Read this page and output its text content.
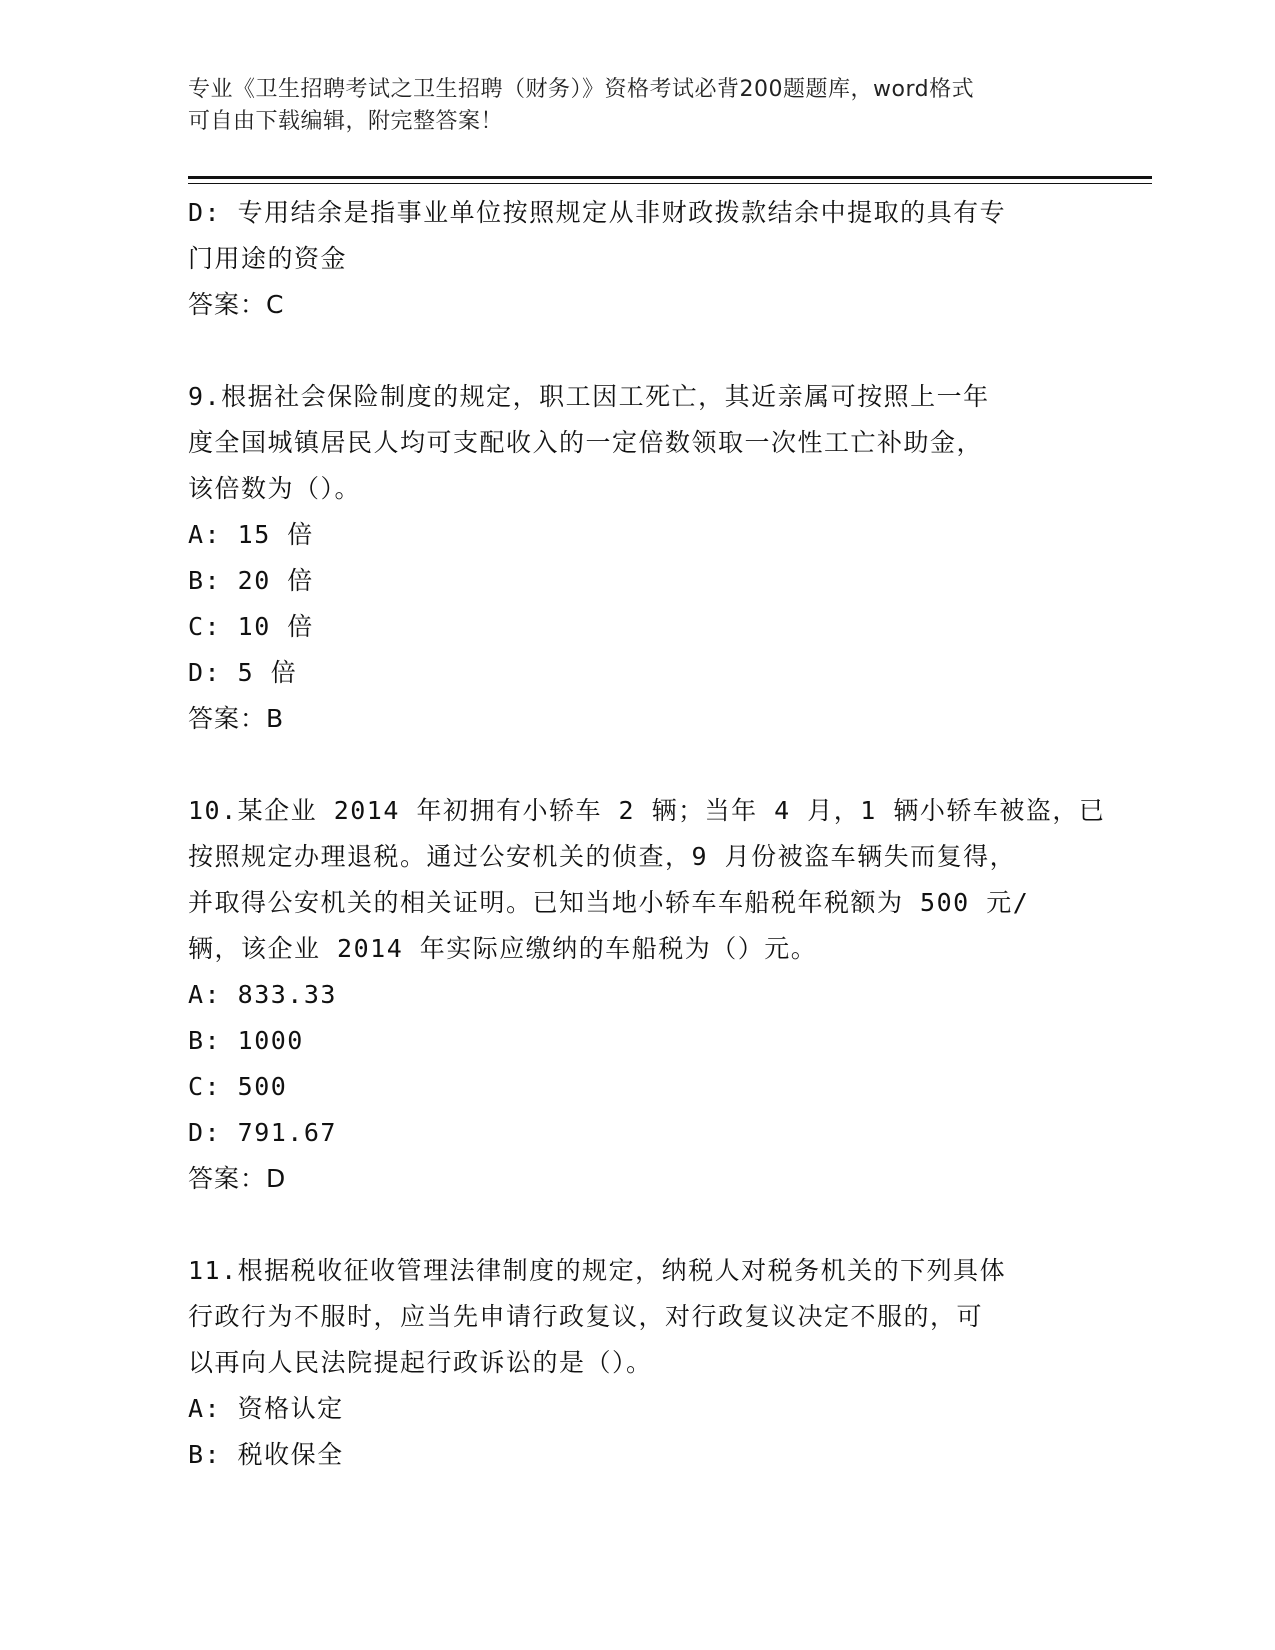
专业《卫生招聘考试之卫生招聘（财务）》资格考试必背200题题库，word格式
可自由下载编辑，附完整答案！
D: 专用结余是指事业单位按照规定从非财政拨款结余中提取的具有专
门用途的资金
答案：C
9.根据社会保险制度的规定，职工因工死亡，其近亲属可按照上一年
度全国城镇居民人均可支配收入的一定倍数领取一次性工亡补助金，
该倍数为（）。
A: 15 倍
B: 20 倍
C: 10 倍
D: 5 倍
答案：B
10.某企业 2014 年初拥有小轿车 2 辆；当年 4 月，1 辆小轿车被盗，已
按照规定办理退税。通过公安机关的侦查，9 月份被盗车辆失而复得，
并取得公安机关的相关证明。已知当地小轿车车船税年税额为 500 元/
辆，该企业 2014 年实际应缴纳的车船税为（）元。
A: 833.33
B: 1000
C: 500
D: 791.67
答案：D
11.根据税收征收管理法律制度的规定，纳税人对税务机关的下列具体
行政行为不服时，应当先申请行政复议，对行政复议决定不服的，可
以再向人民法院提起行政诉讼的是（）。
A: 资格认定
B: 税收保全
